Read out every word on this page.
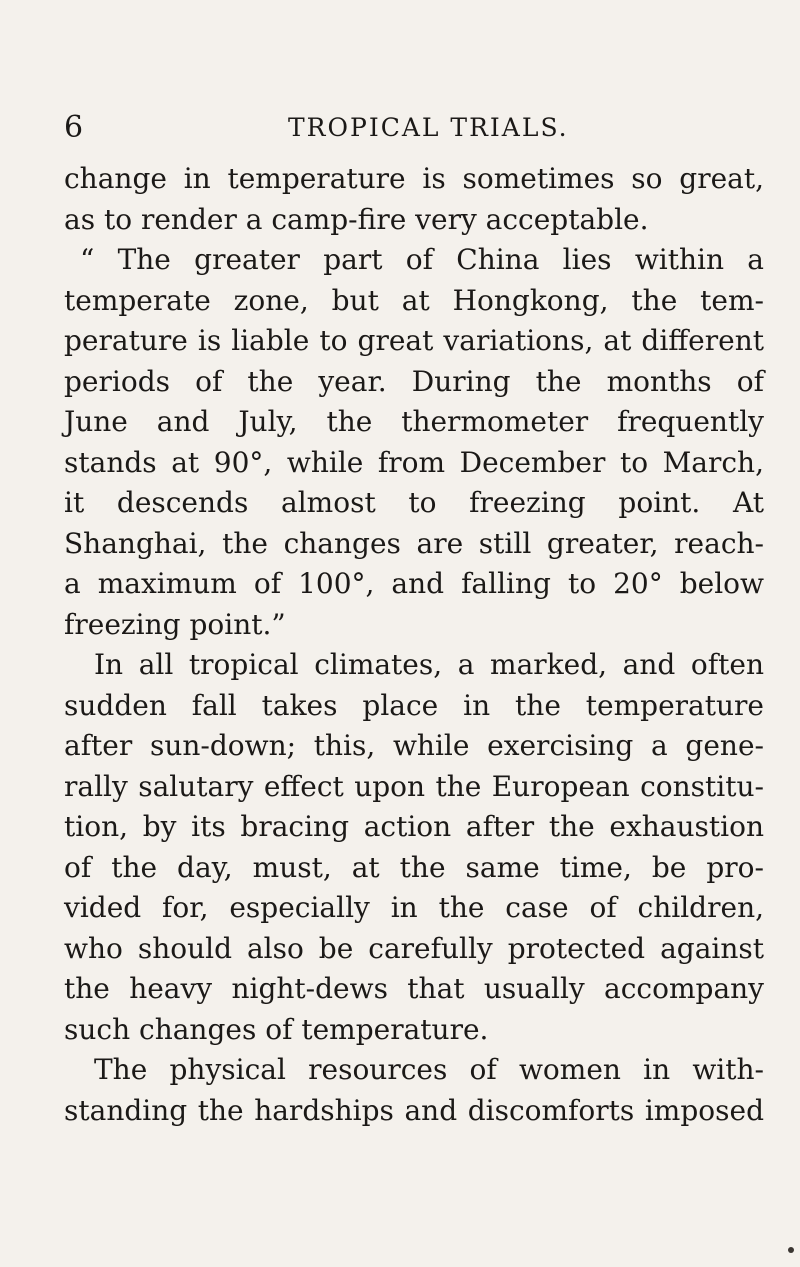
6	TROPICAL TRIALS.
change in temperature is sometimes so great,
as to render a camp-fire very acceptable.
“ The greater part of China lies within a
temperate zone, but at Hongkong, the tem-
perature is liable to great variations, at different
periods of the year. During the months of
June and July, the thermometer frequently
stands at 90°, while from December to March,
it descends almost to freezing point. At
Shanghai, the changes are still greater, reach-
a maximum of 100°, and falling to 20° below
freezing point.”
In all tropical climates, a marked, and often
sudden fall takes place in the temperature
after sun-down; this, while exercising a gene-
rally salutary effect upon the European constitu-
tion, by its bracing action after the exhaustion
of the day, must, at the same time, be pro-
vided for, especially in the case of children,
who should also be carefully protected against
the heavy night-dews that usually accompany
such changes of temperature.
The physical resources of women in with-
standing the hardships and discomforts imposed
